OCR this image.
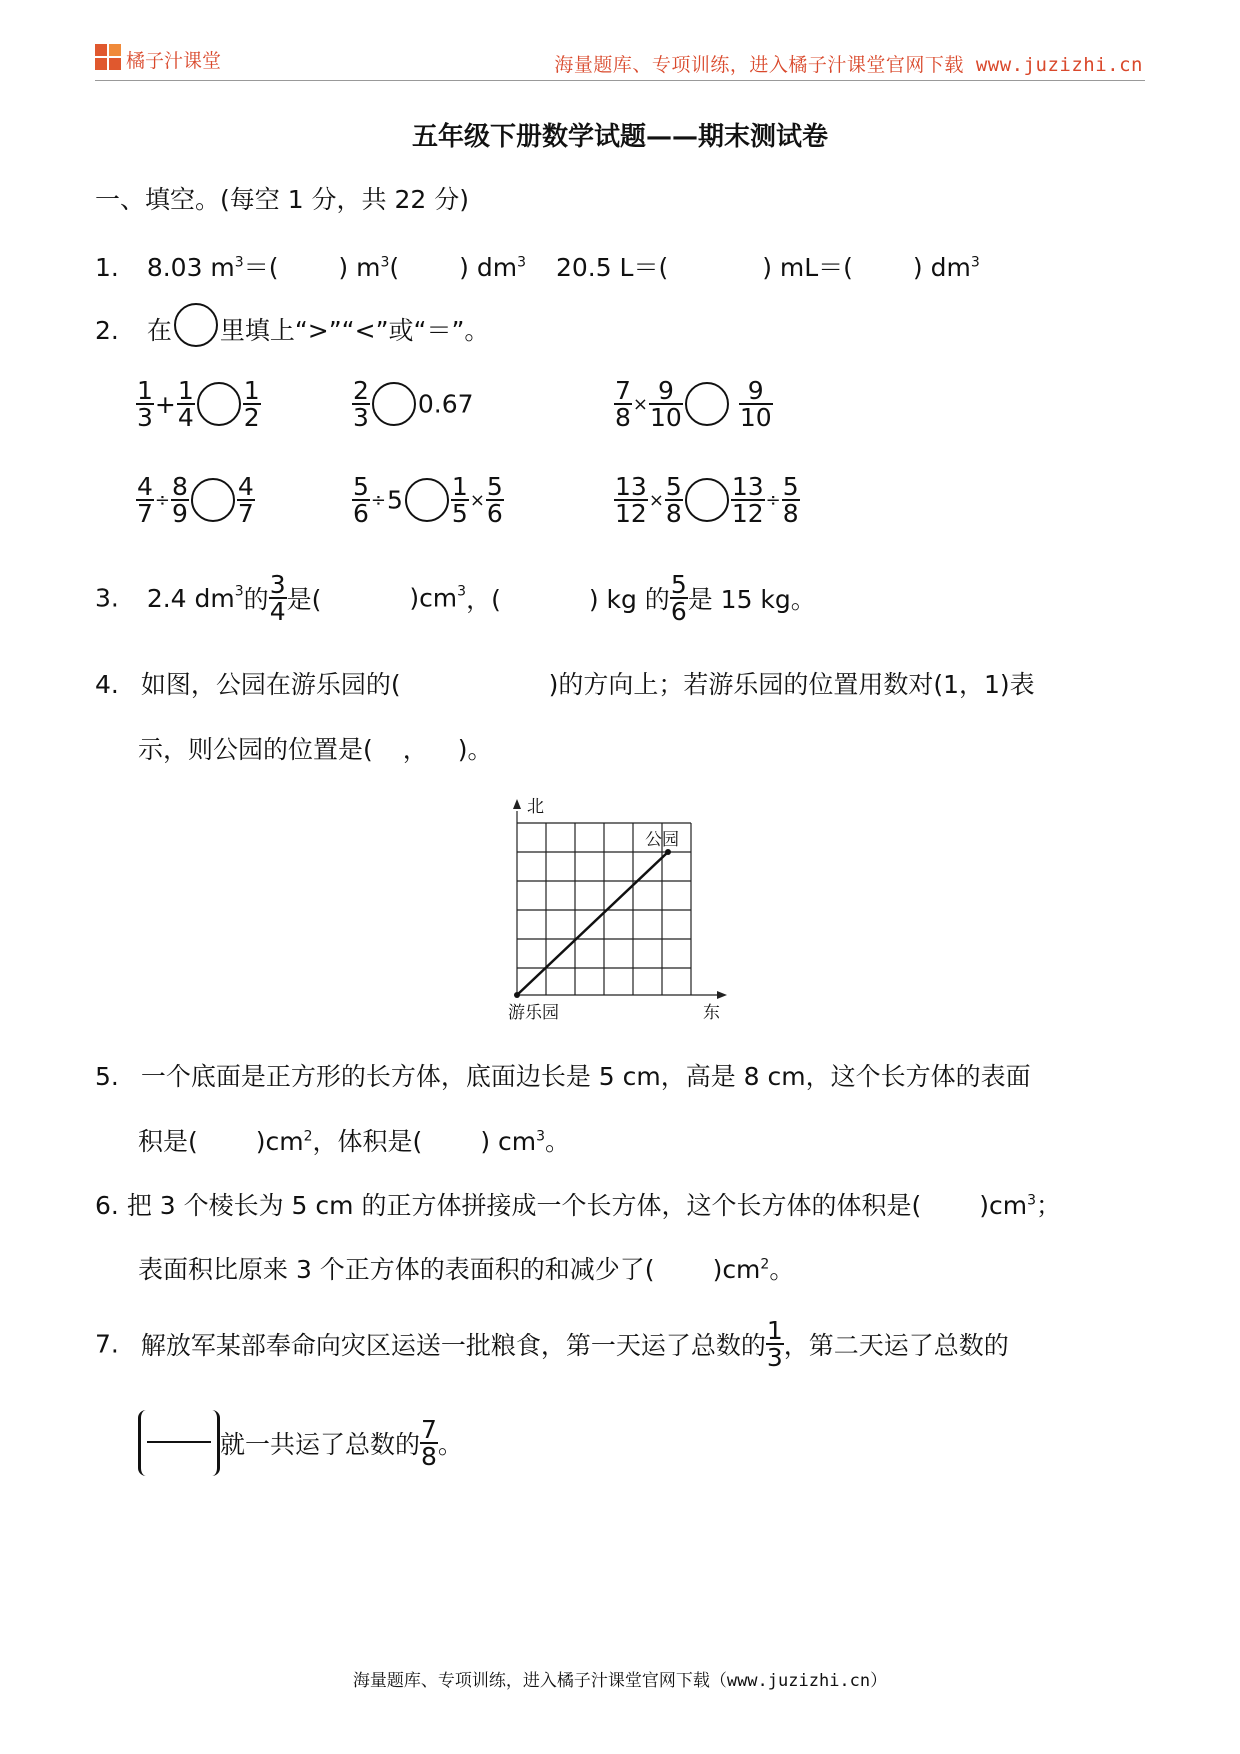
橘子汁课堂	海量题库、专项训练，进入橘子汁课堂官网下载 www.juzizhi.cn
五年级下册数学试题——期末测试卷
一、填空。(每空 1 分，共 22 分)
1. 8.03 $m^3=$( ) $m^3$( ) $dm^3$ 20.5 L＝(	) mL＝( ) $dm^3$
2. 在 里填上“>”“<”或“＝”。
$\frac{1}{3} + \frac{1}{4} \frac{1}{2}$	$\frac{2}{3} 0.67$	$\frac{7}{8} \times \frac{9}{10} \frac{9}{10}$
$\frac{4}{7} \div \frac{8}{9} \frac{4}{7}$	$\frac{5}{6} \div 5 \frac{1}{5} \times \frac{5}{6}$	$\frac{13}{12} \times \frac{5}{8} \frac{13}{12} \div \frac{5}{8}$
3. 2.4 $dm^3$的 $\frac{3}{4}$ 是(	)$cm^3$，(	) kg 的 $\frac{5}{6}$ 是 15 kg。
4. 如图，公园在游乐园的(	)的方向上；若游乐园的位置用数对(1，1)表
示，则公园的位置是( ， )。
北
公园
游乐园	东
5. 一个底面是正方形的长方体，底面边长是 5 cm，高是 8 cm，这个长方体的表面
积是( )$cm^2$，体积是( ) $cm^3$。
6. 把 3 个棱长为 5 cm 的正方体拼接成一个长方体，这个长方体的体积是( )$cm^3$；
表面积比原来 3 个正方体的表面积的和减少了( )$cm^2$。
7. 解放军某部奉命向灾区运送一批粮食，第一天运了总数的 $\frac{1}{3}$ ，第二天运了总数的
就一共运了总数的 $\frac{7}{8}$ 。
海量题库、专项训练，进入橘子汁课堂官网下载（www.juzizhi.cn）
